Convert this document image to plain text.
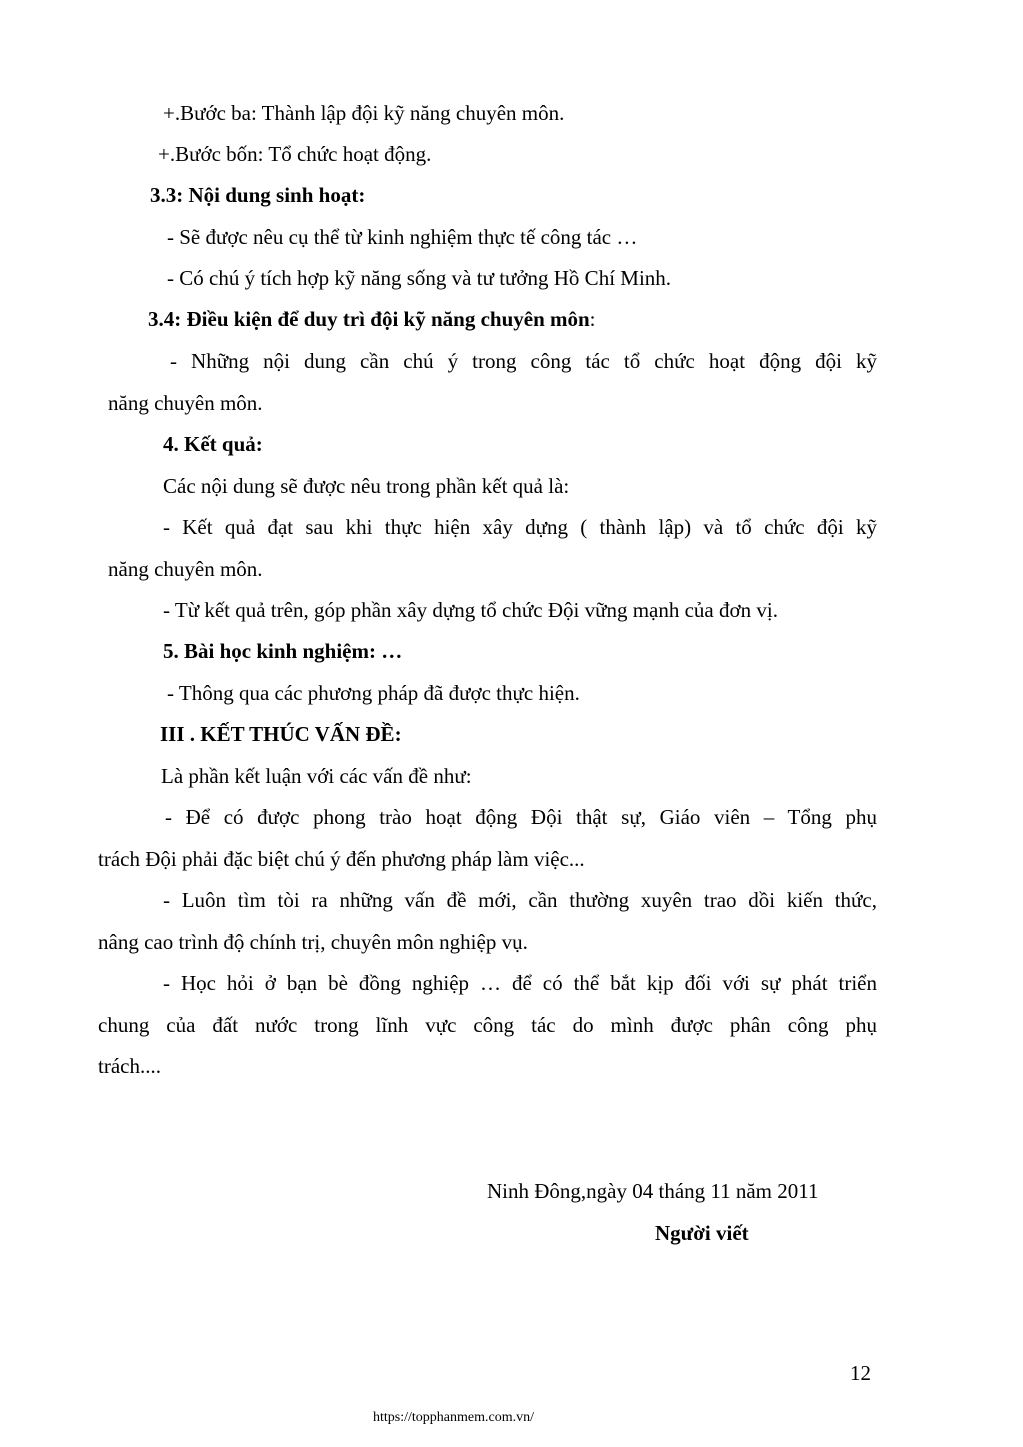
+.Bước ba: Thành lập đội kỹ năng chuyên môn.
+.Bước bốn: Tổ chức hoạt động.
3.3: Nội dung sinh hoạt:
- Sẽ được nêu cụ thể từ kinh nghiệm thực tế công tác …
- Có chú ý tích hợp kỹ năng sống và tư tưởng Hồ Chí Minh.
3.4: Điều kiện để duy trì đội kỹ năng chuyên môn:
- Những nội dung cần chú ý trong công tác tổ chức hoạt động đội kỹ
năng chuyên môn.
4. Kết quả:
Các nội dung sẽ được nêu trong phần kết quả là:
- Kết quả đạt sau khi thực hiện xây dựng ( thành lập) và tổ chức đội kỹ
năng chuyên môn.
- Từ kết quả trên, góp phần xây dựng tổ chức Đội vững mạnh của đơn vị.
5. Bài học kinh nghiệm: …
- Thông qua các phương pháp đã được thực hiện.
III . KẾT THÚC VẤN ĐỀ:
Là phần kết luận với các vấn đề như:
- Để có được phong trào hoạt động Đội thật sự, Giáo viên – Tổng phụ
trách Đội phải đặc biệt chú ý đến phương pháp làm việc...
- Luôn tìm tòi ra những vấn đề mới, cần thường xuyên trao dồi kiến thức,
nâng cao trình độ chính trị, chuyên môn nghiệp vụ.
- Học hỏi ở bạn bè đồng nghiệp … để có thể bắt kịp đối với sự phát triển
chung của đất nước trong lĩnh vực công tác do mình được phân công phụ
trách....
Ninh Đông,ngày 04 tháng 11 năm 2011
Người viết
12
https://topphanmem.com.vn/
